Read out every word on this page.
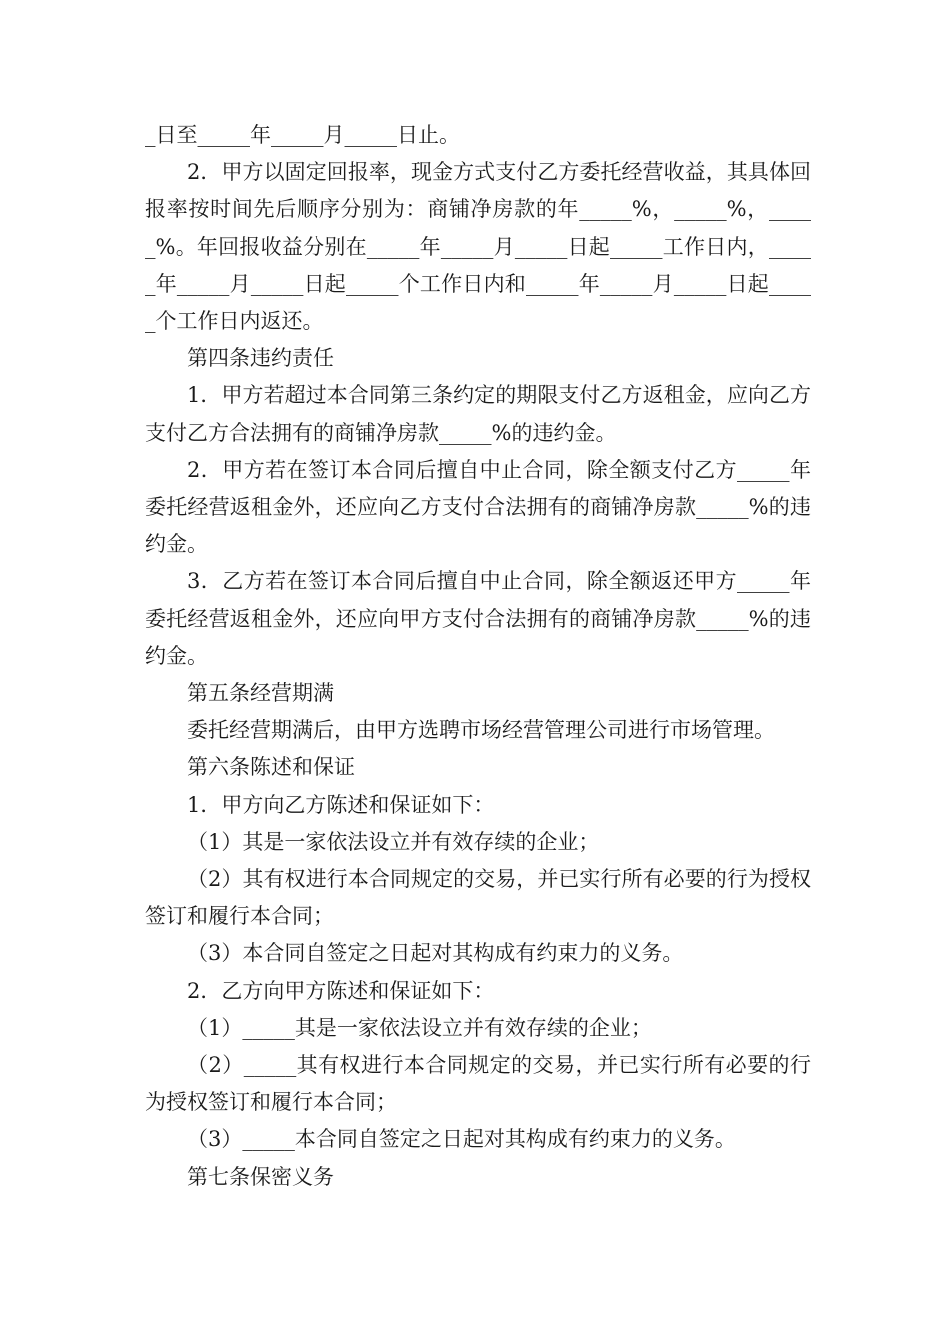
_日至_____年_____月_____日止。

2．甲方以固定回报率，现金方式支付乙方委托经营收益，其具体回报率按时间先后顺序分别为：商铺净房款的年_____%，_____%，_____%。年回报收益分别在_____年_____月_____日起_____工作日内，_____年_____月_____日起_____个工作日内和_____年_____月_____日起_____个工作日内返还。

第四条违约责任

1．甲方若超过本合同第三条约定的期限支付乙方返租金，应向乙方支付乙方合法拥有的商铺净房款_____%的违约金。

2．甲方若在签订本合同后擅自中止合同，除全额支付乙方_____年委托经营返租金外，还应向乙方支付合法拥有的商铺净房款_____%的违约金。

3．乙方若在签订本合同后擅自中止合同，除全额返还甲方_____年委托经营返租金外，还应向甲方支付合法拥有的商铺净房款_____%的违约金。

第五条经营期满

委托经营期满后，由甲方选聘市场经营管理公司进行市场管理。

第六条陈述和保证

1．甲方向乙方陈述和保证如下：

（1）其是一家依法设立并有效存续的企业；

（2）其有权进行本合同规定的交易，并已实行所有必要的行为授权签订和履行本合同；

（3）本合同自签定之日起对其构成有约束力的义务。

2．乙方向甲方陈述和保证如下：

（1）_____其是一家依法设立并有效存续的企业；

（2）_____其有权进行本合同规定的交易，并已实行所有必要的行为授权签订和履行本合同；

（3）_____本合同自签定之日起对其构成有约束力的义务。

第七条保密义务
